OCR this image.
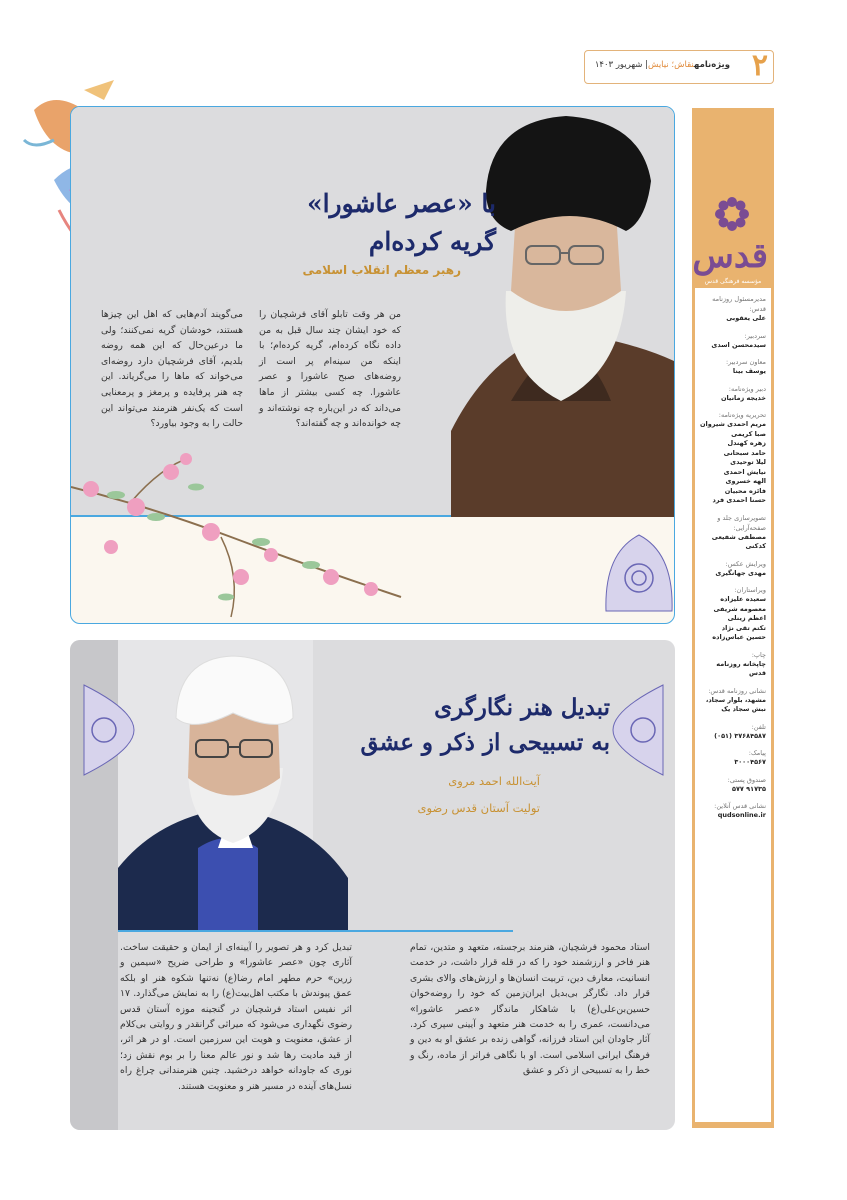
۲
ویژه‌نامهنقاش؛ نیایش| شهریور ۱۴۰۳
قدس
مؤسسه فرهنگی قدس
مدیرمسئول روزنامه قدس:
علی یعقوبی
سردبیر:
سیدمحسن اسدی
معاون سردبیر:
یوسف بینا
دبیر ویژه‌نامه:
خدیجه زمانیان
تحریریه ویژه‌نامه:
مریم احمدی شیروان
صبا کریمی
زهره کهندل
حامد سبحانی
لیلا توحیدی
نیایش احمدی
الهه خسروی
فائزه محبیان
حسنا احمدی فرد
تصویرسازی جلد و صفحه‌آرایی:
مصطفی شفیعی کدکنی
ویرایش عکس:
مهدی جهانگیری
ویراستاران:
سعیده علیزاده
معصومه شریفی
اعظم زینلی
تکتم تقی نژاد
حسین عباس‌زاده
چاپ:
چاپخانه روزنامه قدس
نشانی روزنامه قدس:
مشهد، بلوار سجاد، نبش سجاد یک
تلفن:
(۰۵۱) ۳۷۶۸۴۵۸۷
پیامک:
۳۰۰۰۴۵۶۷
صندوق پستی:
۹۱۷۳۵ ۵۷۷
نشانی قدس آنلاین:
qudsonline.ir
با «عصر عاشورا»
گریه کرده‌ام
رهبر معظم انقلاب اسلامی

من هر وقت تابلو آقای فرشچیان را که خود ایشان چند سال قبل به من داده نگاه کرده‌ام، گریه کرده‌ام؛ با اینکه من سینه‌ام پر است از روضه‌های صبح عاشورا و عصر عاشورا. چه کسی بیشتر از ما‌ها می‌داند که در این‌باره چه نوشته‌اند و چه خوانده‌اند و چه گفته‌اند؟

می‌گویند آدم‌هایی که اهل این چیزها هستند، خودشان گریه نمی‌کنند؛ ولی ما در‌عین‌حال که این همه روضه بلدیم، آقای فرشچیان دارد روضه‌ای می‌خواند که ما‌ها را می‌گریاند. این چه هنر پرفایده و پرمغز و پرمعنایی است که یک‌نفر هنرمند می‌تواند این حالت را به وجود بیاورد؟

تبدیل هنر نگارگری
به تسبیحی از ذکر و عشق
آیت‌الله احمد مروی
تولیت آستان قدس رضوی

استاد محمود فرشچیان، هنرمند برجسته، متعهد و متدین، تمام هنر فاخر و ارزشمند خود را که در قله قرار داشت، در خدمت انسانیت، معارف دین، تربیت انسان‌ها و ارزش‌های والای بشری قرار داد. نگارگر بی‌بدیل ایران‌زمین که خود را روضه‌خوان حسین‌بن‌علی(ع) با شاهکار ماندگار «عصر عاشورا» می‌دانست، عمری را به خدمت هنر متعهد و آیینی سپری کرد. آثار جاودان این استاد فرزانه، گواهی زنده بر عشق او به دین و فرهنگ ایرانی اسلامی است. او با نگاهی فراتر از ماده، رنگ و خط را به تسبیحی از ذکر و عشق

تبدیل کرد و هر تصویر را آیینه‌ای از ایمان و حقیقت ساخت. آثاری چون «عصر عاشورا» و طراحی ضریح «سیمین و زرین» حرم مطهر امام رضا(ع) نه‌تنها شکوه هنر او بلکه عمق پیوندش با مکتب اهل‌بیت(ع) را به نمایش می‌گذارد. ۱۷ اثر نفیس استاد فرشچیان در گنجینه موزه آستان قدس رضوی نگهداری می‌شود که میراثی گرانقدر و روایتی بی‌کلام از عشق، معنویت و هویت این سرزمین است. او در هر اثر، از قید مادیت رها شد و نور عالم معنا را بر بوم نقش زد؛ نوری که جاودانه خواهد درخشید. چنین هنرمندانی چراغ راه نسل‌های آینده در مسیر هنر و معنویت هستند.
